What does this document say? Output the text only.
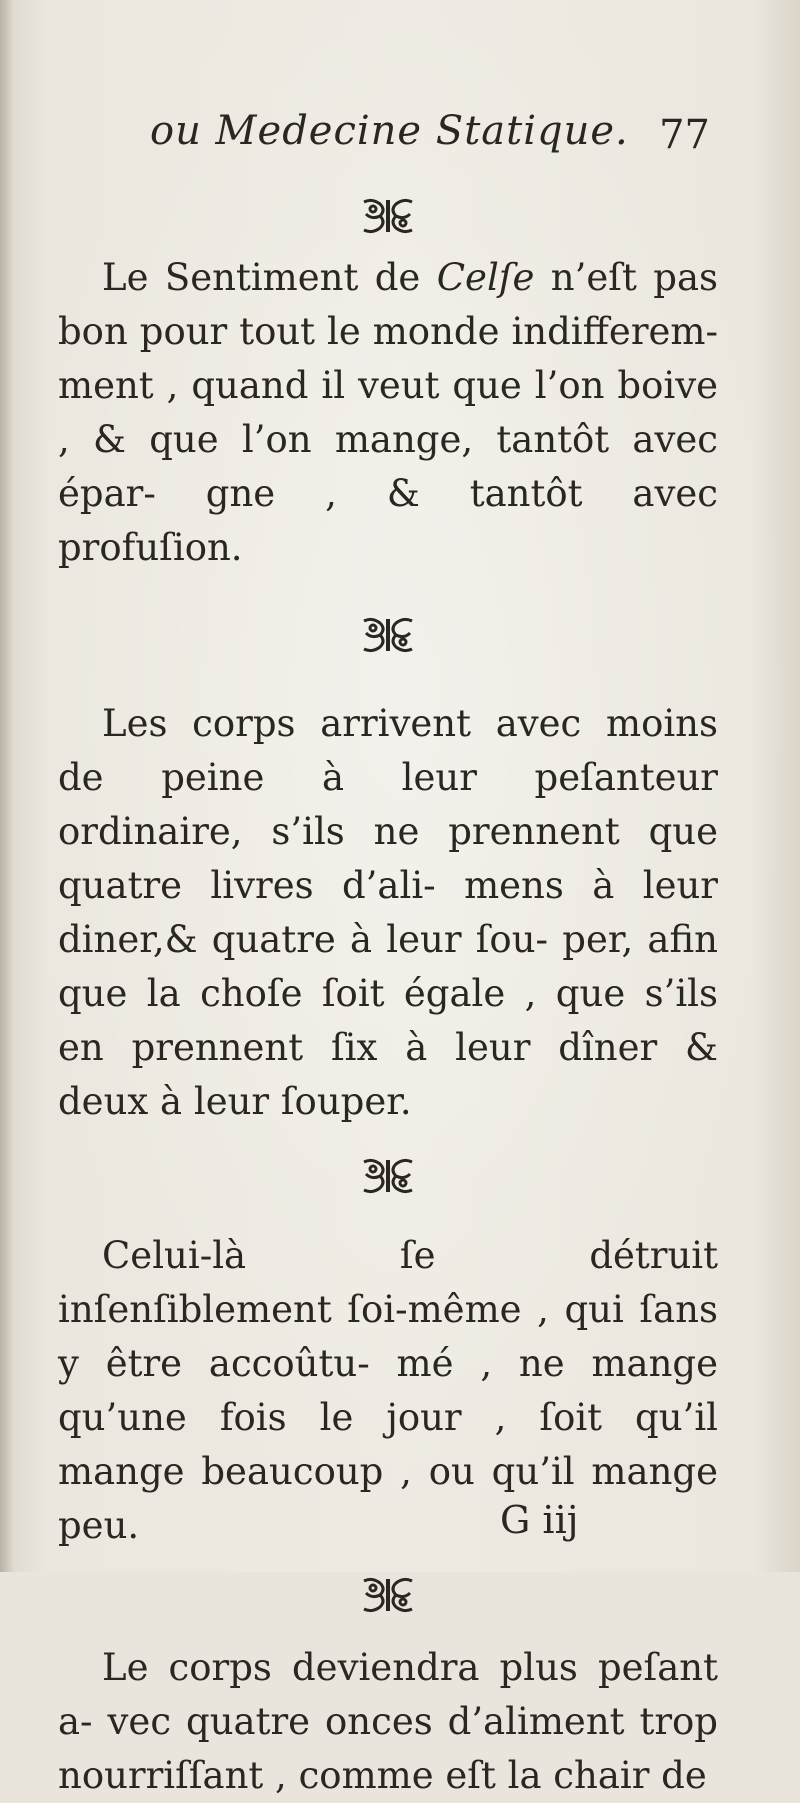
ou Medecine Statique. 77

Le Sentiment de Celſe n’eſt pas bon pour tout le monde indifferem- ment , quand il veut que l’on boive , & que l’on mange, tantôt avec épar- gne , & tantôt avec profuſion.

Les corps arrivent avec moins de peine à leur peſanteur ordinaire, s’ils ne prennent que quatre livres d’ali- mens à leur diner,& quatre à leur ſou- per, afin que la choſe ſoit égale , que s’ils en prennent ſix à leur dîner & deux à leur ſouper.

Celui-là ſe détruit inſenſiblement ſoi-même , qui ſans y être accoûtu- mé , ne mange qu’une fois le jour , ſoit qu’il mange beaucoup , ou qu’il mange peu.

Le corps deviendra plus peſant a- vec quatre onces d’aliment trop nourriſſant , comme eſt la chair de

G iij
